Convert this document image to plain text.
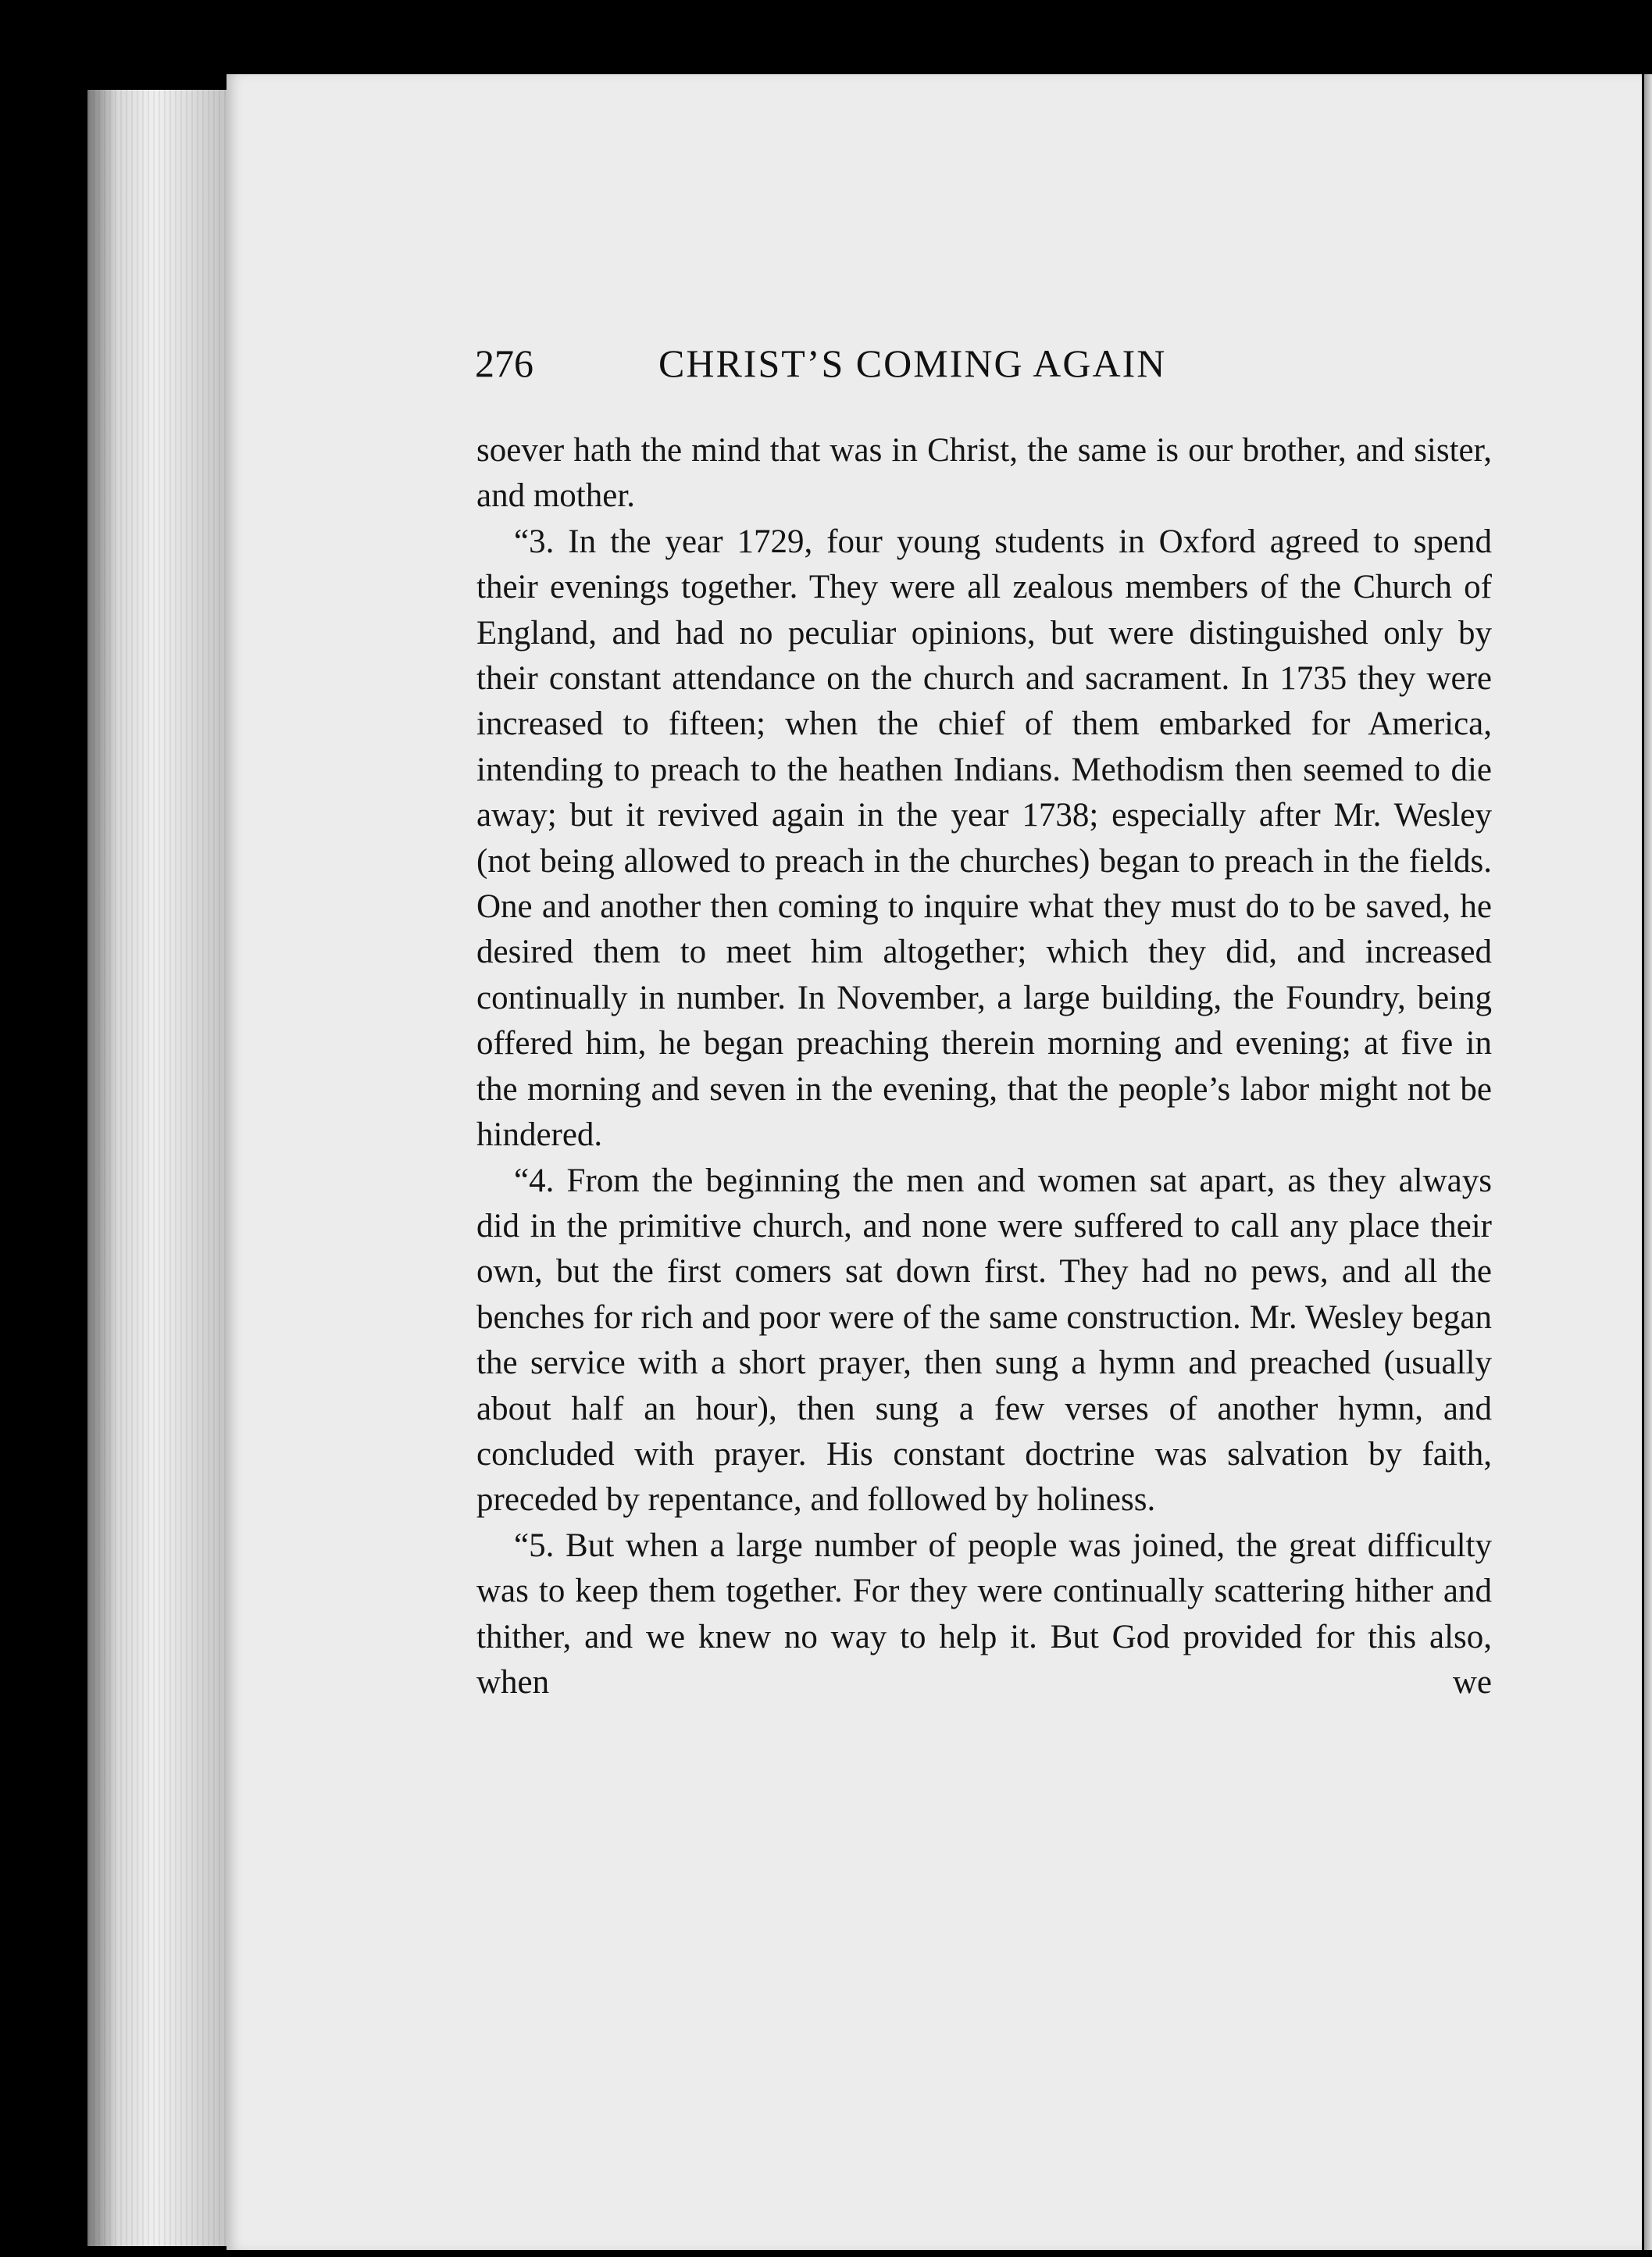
276	CHRIST’S COMING AGAIN

soever hath the mind that was in Christ, the same is our brother, and sister, and mother.

“3. In the year 1729, four young students in Oxford agreed to spend their evenings together. They were all zealous members of the Church of England, and had no peculiar opinions, but were distinguished only by their constant attendance on the church and sacrament. In 1735 they were increased to fifteen; when the chief of them embarked for America, intending to preach to the heathen Indians. Methodism then seemed to die away; but it revived again in the year 1738; especially after Mr. Wesley (not being allowed to preach in the churches) began to preach in the fields. One and another then coming to inquire what they must do to be saved, he desired them to meet him altogether; which they did, and increased continually in number. In November, a large building, the Foundry, being offered him, he began preaching therein morning and evening; at five in the morning and seven in the evening, that the people’s labor might not be hindered.

“4. From the beginning the men and women sat apart, as they always did in the primitive church, and none were suffered to call any place their own, but the first comers sat down first. They had no pews, and all the benches for rich and poor were of the same construction. Mr. Wesley began the service with a short prayer, then sung a hymn and preached (usually about half an hour), then sung a few verses of another hymn, and concluded with prayer. His constant doctrine was salvation by faith, preceded by repentance, and followed by holiness.

“5. But when a large number of people was joined, the great difficulty was to keep them together. For they were continually scattering hither and thither, and we knew no way to help it. But God provided for this also, when we
